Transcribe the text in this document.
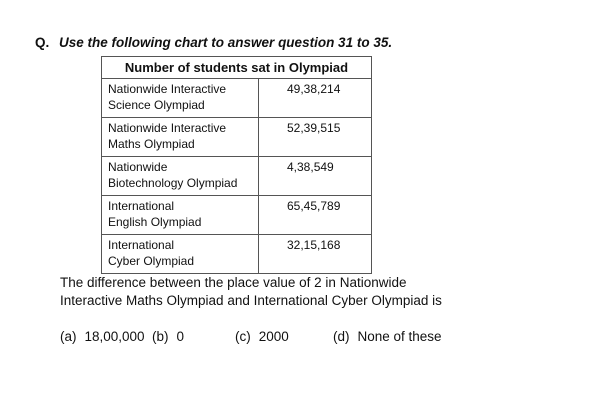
Q. Use the following chart to answer question 31 to 35.
Number of students sat in Olympiad	
Nationwide Interactive
Science Olympiad	49,38,214
Nationwide Interactive
Maths Olympiad	52,39,515
Nationwide
Biotechnology Olympiad	4,38,549
International
English Olympiad	65,45,789
International
Cyber Olympiad	32,15,168
The difference between the place value of 2 in Nationwide Interactive Maths Olympiad and International Cyber Olympiad is
(a) 18,00,000 (b) 0	(c) 2000	(d) None of these
